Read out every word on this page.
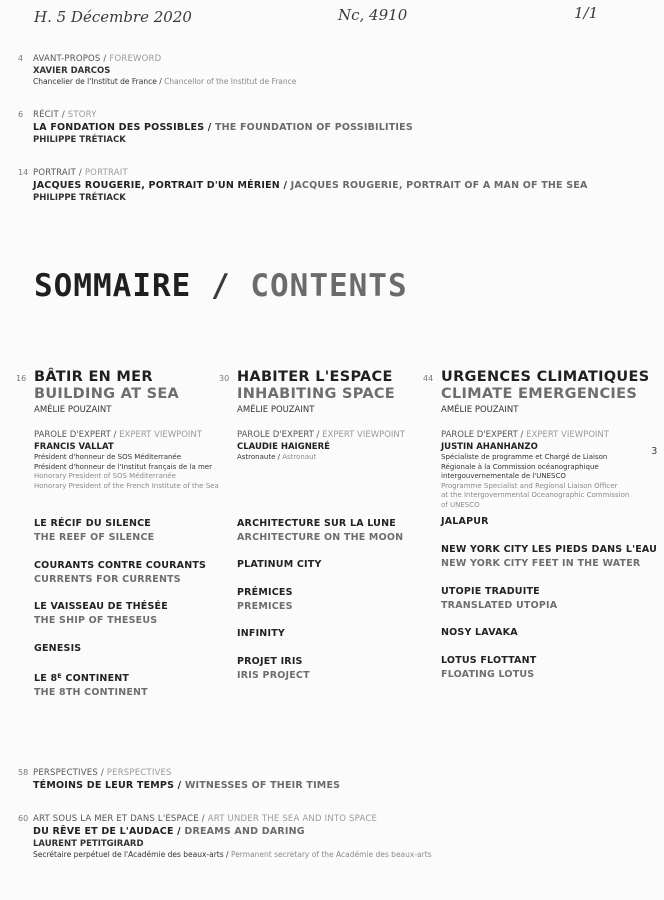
H. 5 Décembre 2020	Nc, 4910	1/1
3
4 AVANT-PROPOS / FOREWORD
XAVIER DARCOS
Chancelier de l'Institut de France / Chancellor of the Institut de France
6 RÉCIT / STORY
LA FONDATION DES POSSIBLES / THE FOUNDATION OF POSSIBILITIES
PHILIPPE TRÉTIACK
14 PORTRAIT / PORTRAIT
JACQUES ROUGERIE, PORTRAIT D'UN MÉRIEN / JACQUES ROUGERIE, PORTRAIT OF A MAN OF THE SEA
PHILIPPE TRÉTIACK
SOMMAIRE / CONTENTS
16 BÂTIR EN MER
BUILDING AT SEA
AMÉLIE POUZAINT
PAROLE D'EXPERT / EXPERT VIEWPOINT
FRANCIS VALLAT
Président d'honneur de SOS Méditerranée
Président d'honneur de l'Institut français de la mer
Honorary President of SOS Méditerranée
Honorary President of the French Institute of the Sea
30 HABITER L'ESPACE
INHABITING SPACE
AMÉLIE POUZAINT
PAROLE D'EXPERT / EXPERT VIEWPOINT
CLAUDIE HAIGNERÉ
Astronaute / Astronaut
44 URGENCES CLIMATIQUES
CLIMATE EMERGENCIES
AMÉLIE POUZAINT
PAROLE D'EXPERT / EXPERT VIEWPOINT
JUSTIN AHANHANZO
Spécialiste de programme et Chargé de Liaison
Régionale à la Commission océanographique
intergouvernementale de l'UNESCO
Programme Specialist and Regional Liaison Officer
at the Intergovernmental Oceanographic Commission
of UNESCO
LE RÉCIF DU SILENCE
THE REEF OF SILENCE
COURANTS CONTRE COURANTS
CURRENTS FOR CURRENTS
LE VAISSEAU DE THÉSÉE
THE SHIP OF THESEUS
GENESIS
LE $8^E$ CONTINENT
THE 8TH CONTINENT
ARCHITECTURE SUR LA LUNE
ARCHITECTURE ON THE MOON
PLATINUM CITY
PRÉMICES
PREMICES
INFINITY
PROJET IRIS
IRIS PROJECT
JALAPUR
NEW YORK CITY LES PIEDS DANS L'EAU
NEW YORK CITY FEET IN THE WATER
UTOPIE TRADUITE
TRANSLATED UTOPIA
NOSY LAVAKA
LOTUS FLOTTANT
FLOATING LOTUS
58 PERSPECTIVES / PERSPECTIVES
TÉMOINS DE LEUR TEMPS / WITNESSES OF THEIR TIMES
60 ART SOUS LA MER ET DANS L'ESPACE / ART UNDER THE SEA AND INTO SPACE
DU RÊVE ET DE L'AUDACE / DREAMS AND DARING
LAURENT PETITGIRARD
Secrétaire perpétuel de l'Académie des beaux-arts / Permanent secretary of the Académie des beaux-arts
